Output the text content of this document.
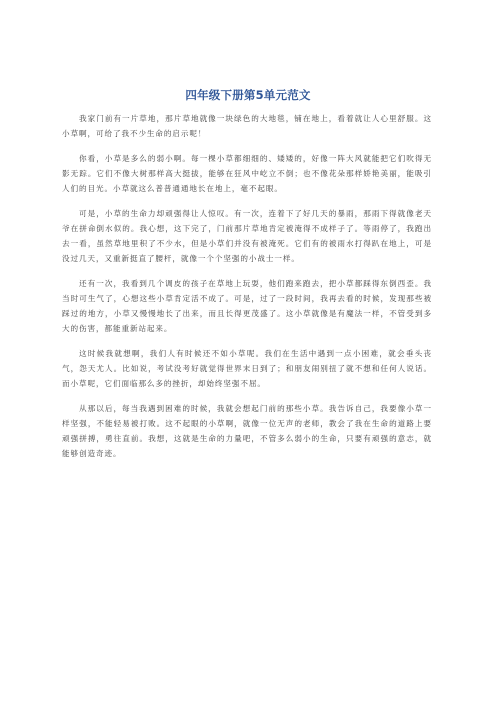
四年级下册第5单元范文

我家门前有一片草地，那片草地就像一块绿色的大地毯，铺在地上，看着就让人心里舒服。这小草啊，可给了我不少生命的启示呢！

你看，小草是多么的弱小啊。每一棵小草都细细的、矮矮的，好像一阵大风就能把它们吹得无影无踪。它们不像大树那样高大挺拔，能够在狂风中屹立不倒；也不像花朵那样娇艳美丽，能吸引人们的目光。小草就这么普普通通地长在地上，毫不起眼。

可是，小草的生命力却顽强得让人惊叹。有一次，连着下了好几天的暴雨，那雨下得就像老天爷在拼命倒水似的。我心想，这下完了，门前那片草地肯定被淹得不成样子了。等雨停了，我跑出去一看，虽然草地里积了不少水，但是小草们并没有被淹死。它们有的被雨水打得趴在地上，可是没过几天，又重新挺直了腰杆，就像一个个坚强的小战士一样。

还有一次，我看到几个调皮的孩子在草地上玩耍，他们跑来跑去，把小草都踩得东倒西歪。我当时可生气了，心想这些小草肯定活不成了。可是，过了一段时间，我再去看的时候，发现那些被踩过的地方，小草又慢慢地长了出来，而且长得更茂盛了。这小草就像是有魔法一样，不管受到多大的伤害，都能重新站起来。

这时候我就想啊，我们人有时候还不如小草呢。我们在生活中遇到一点小困难，就会垂头丧气，怨天尤人。比如说，考试没考好就觉得世界末日到了；和朋友闹别扭了就不想和任何人说话。而小草呢，它们面临那么多的挫折，却始终坚强不屈。

从那以后，每当我遇到困难的时候，我就会想起门前的那些小草。我告诉自己，我要像小草一样坚强，不能轻易被打败。这不起眼的小草啊，就像一位无声的老师，教会了我在生命的道路上要顽强拼搏，勇往直前。我想，这就是生命的力量吧，不管多么弱小的生命，只要有顽强的意志，就能够创造奇迹。
